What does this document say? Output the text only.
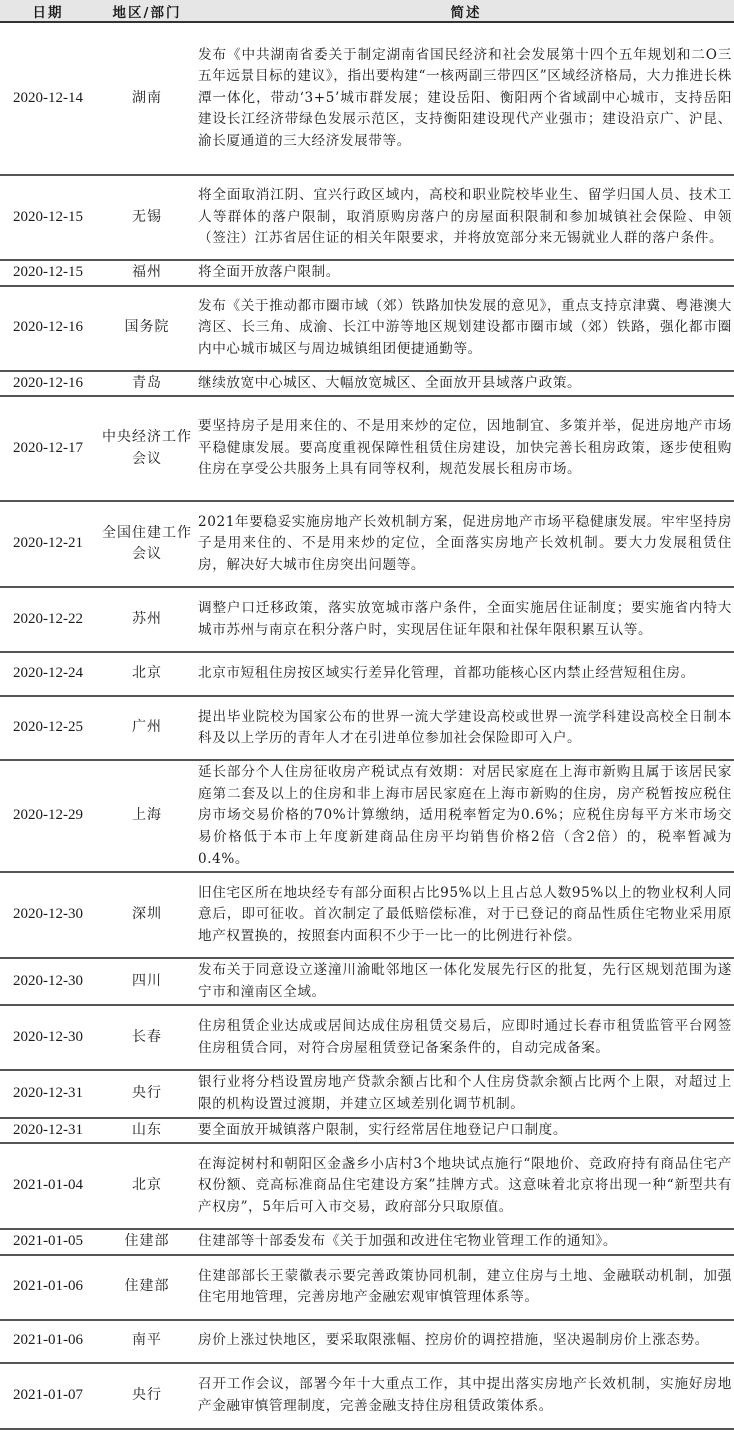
日期	地区/部门	简述
2020-12-14	湖南	发布《中共湖南省委关于制定湖南省国民经济和社会发展第十四个五年规划和二O三五年远景目标的建议》，指出要构建“一核两副三带四区”区域经济格局，大力推进长株潭一体化，带动‘3+5’城市群发展；建设岳阳、衡阳两个省域副中心城市，支持岳阳建设长江经济带绿色发展示范区，支持衡阳建设现代产业强市；建设沿京广、沪昆、渝长厦通道的三大经济发展带等。
2020-12-15	无锡	将全面取消江阴、宜兴行政区域内，高校和职业院校毕业生、留学归国人员、技术工人等群体的落户限制，取消原购房落户的房屋面积限制和参加城镇社会保险、申领（签注）江苏省居住证的相关年限要求，并将放宽部分来无锡就业人群的落户条件。
2020-12-15	福州	将全面开放落户限制。
2020-12-16	国务院	发布《关于推动都市圈市域（郊）铁路加快发展的意见》，重点支持京津冀、粤港澳大湾区、长三角、成渝、长江中游等地区规划建设都市圈市域（郊）铁路，强化都市圈内中心城市城区与周边城镇组团便捷通勤等。
2020-12-16	青岛	继续放宽中心城区、大幅放宽城区、全面放开县域落户政策。
2020-12-17	中央经济工作会议	要坚持房子是用来住的、不是用来炒的定位，因地制宜、多策并举，促进房地产市场平稳健康发展。要高度重视保障性租赁住房建设，加快完善长租房政策，逐步使租购住房在享受公共服务上具有同等权利，规范发展长租房市场。
2020-12-21	全国住建工作会议	2021年要稳妥实施房地产长效机制方案，促进房地产市场平稳健康发展。牢牢坚持房子是用来住的、不是用来炒的定位，全面落实房地产长效机制。要大力发展租赁住房，解决好大城市住房突出问题等。
2020-12-22	苏州	调整户口迁移政策，落实放宽城市落户条件，全面实施居住证制度；要实施省内特大城市苏州与南京在积分落户时，实现居住证年限和社保年限积累互认等。
2020-12-24	北京	北京市短租住房按区域实行差异化管理，首都功能核心区内禁止经营短租住房。
2020-12-25	广州	提出毕业院校为国家公布的世界一流大学建设高校或世界一流学科建设高校全日制本科及以上学历的青年人才在引进单位参加社会保险即可入户。
2020-12-29	上海	延长部分个人住房征收房产税试点有效期：对居民家庭在上海市新购且属于该居民家庭第二套及以上的住房和非上海市居民家庭在上海市新购的住房，房产税暂按应税住房市场交易价格的70%计算缴纳，适用税率暂定为0.6%；应税住房每平方米市场交易价格低于本市上年度新建商品住房平均销售价格2倍（含2倍）的，税率暂减为0.4%。
2020-12-30	深圳	旧住宅区所在地块经专有部分面积占比95%以上且占总人数95%以上的物业权利人同意后，即可征收。首次制定了最低赔偿标准，对于已登记的商品性质住宅物业采用原地产权置换的，按照套内面积不少于一比一的比例进行补偿。
2020-12-30	四川	发布关于同意设立遂潼川渝毗邻地区一体化发展先行区的批复，先行区规划范围为遂宁市和潼南区全域。
2020-12-30	长春	住房租赁企业达成或居间达成住房租赁交易后，应即时通过长春市租赁监管平台网签住房租赁合同，对符合房屋租赁登记备案条件的，自动完成备案。
2020-12-31	央行	银行业将分档设置房地产贷款余额占比和个人住房贷款余额占比两个上限，对超过上限的机构设置过渡期，并建立区域差别化调节机制。
2020-12-31	山东	要全面放开城镇落户限制，实行经常居住地登记户口制度。
2021-01-04	北京	在海淀树村和朝阳区金盏乡小店村3个地块试点施行“限地价、竞政府持有商品住宅产权份额、竞高标准商品住宅建设方案”挂牌方式。这意味着北京将出现一种“新型共有产权房”，5年后可入市交易，政府部分只取原值。
2021-01-05	住建部	住建部等十部委发布《关于加强和改进住宅物业管理工作的通知》。
2021-01-06	住建部	住建部部长王蒙徽表示要完善政策协同机制，建立住房与土地、金融联动机制，加强住宅用地管理，完善房地产金融宏观审慎管理体系等。
2021-01-06	南平	房价上涨过快地区，要采取限涨幅、控房价的调控措施，坚决遏制房价上涨态势。
2021-01-07	央行	召开工作会议，部署今年十大重点工作，其中提出落实房地产长效机制，实施好房地产金融审慎管理制度，完善金融支持住房租赁政策体系。
